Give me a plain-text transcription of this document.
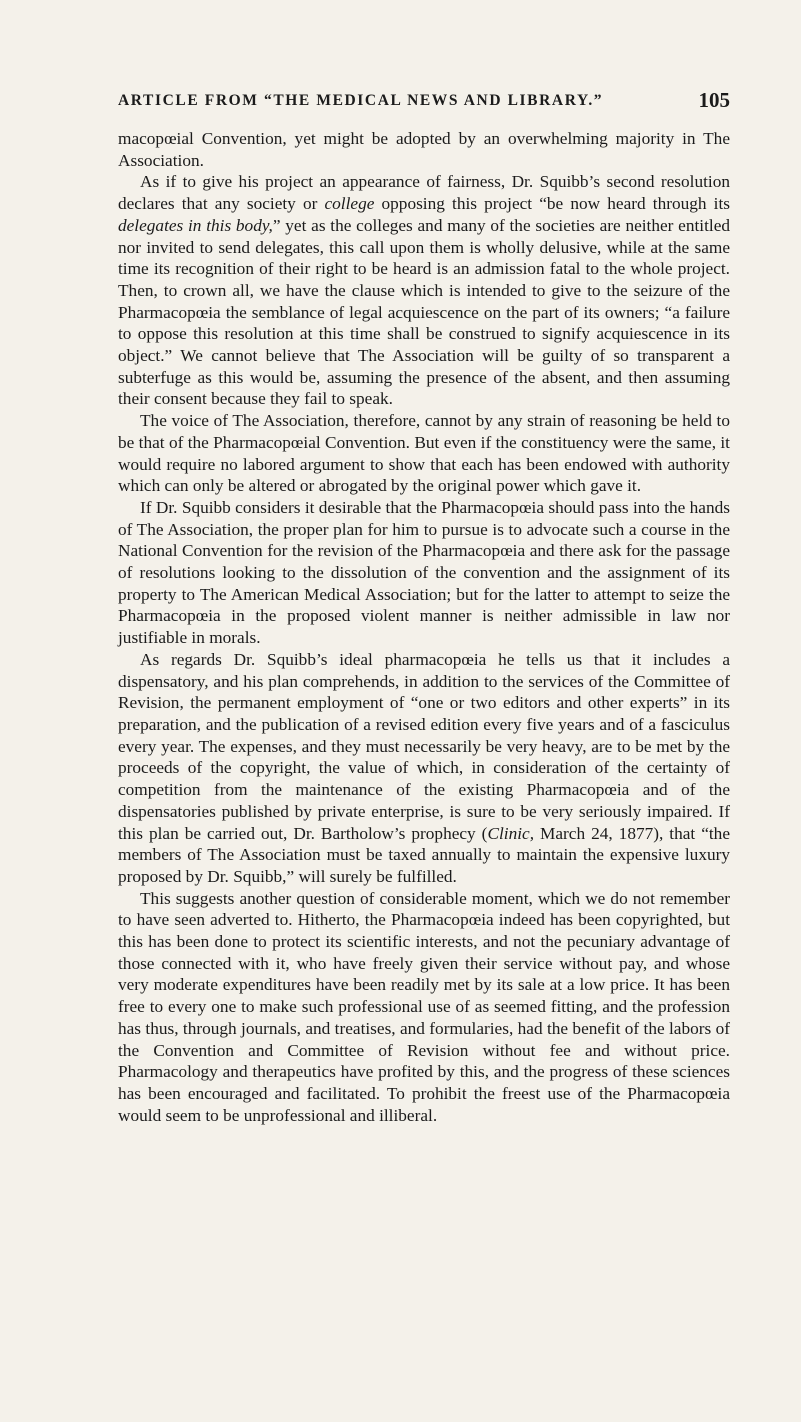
ARTICLE FROM “THE MEDICAL NEWS AND LIBRARY.”	105

macopœial Convention, yet might be adopted by an overwhelming majority in The Association.

As if to give his project an appearance of fairness, Dr. Squibb’s second resolution declares that any society or college opposing this project “be now heard through its delegates in this body,” yet as the colleges and many of the societies are neither entitled nor invited to send delegates, this call upon them is wholly delusive, while at the same time its recognition of their right to be heard is an admission fatal to the whole project. Then, to crown all, we have the clause which is intended to give to the seizure of the Pharmacopœia the semblance of legal acquiescence on the part of its owners; “a failure to oppose this resolution at this time shall be construed to signify acquiescence in its object.” We cannot believe that The Association will be guilty of so transparent a subterfuge as this would be, assuming the presence of the absent, and then assuming their consent because they fail to speak.

The voice of The Association, therefore, cannot by any strain of reasoning be held to be that of the Pharmacopœial Convention. But even if the constituency were the same, it would require no labored argument to show that each has been endowed with authority which can only be altered or abrogated by the original power which gave it.

If Dr. Squibb considers it desirable that the Pharmacopœia should pass into the hands of The Association, the proper plan for him to pursue is to advocate such a course in the National Convention for the revision of the Pharmacopœia and there ask for the passage of resolutions looking to the dissolution of the convention and the assignment of its property to The American Medical Association; but for the latter to attempt to seize the Pharmacopœia in the proposed violent manner is neither admissible in law nor justifiable in morals.

As regards Dr. Squibb’s ideal pharmacopœia he tells us that it includes a dispensatory, and his plan comprehends, in addition to the services of the Committee of Revision, the permanent employment of “one or two editors and other experts” in its preparation, and the publication of a revised edition every five years and of a fasciculus every year. The expenses, and they must necessarily be very heavy, are to be met by the proceeds of the copyright, the value of which, in consideration of the certainty of competition from the maintenance of the existing Pharmacopœia and of the dispensatories published by private enterprise, is sure to be very seriously impaired. If this plan be carried out, Dr. Bartholow’s prophecy (Clinic, March 24, 1877), that “the members of The Association must be taxed annually to maintain the expensive luxury proposed by Dr. Squibb,” will surely be fulfilled.

This suggests another question of considerable moment, which we do not remember to have seen adverted to. Hitherto, the Pharmacopœia indeed has been copyrighted, but this has been done to protect its scientific interests, and not the pecuniary advantage of those connected with it, who have freely given their service without pay, and whose very moderate expenditures have been readily met by its sale at a low price. It has been free to every one to make such professional use of as seemed fitting, and the profession has thus, through journals, and treatises, and formularies, had the benefit of the labors of the Convention and Committee of Revision without fee and without price. Pharmacology and therapeutics have profited by this, and the progress of these sciences has been encouraged and facilitated. To prohibit the freest use of the Pharmacopœia would seem to be unprofessional and illiberal.
